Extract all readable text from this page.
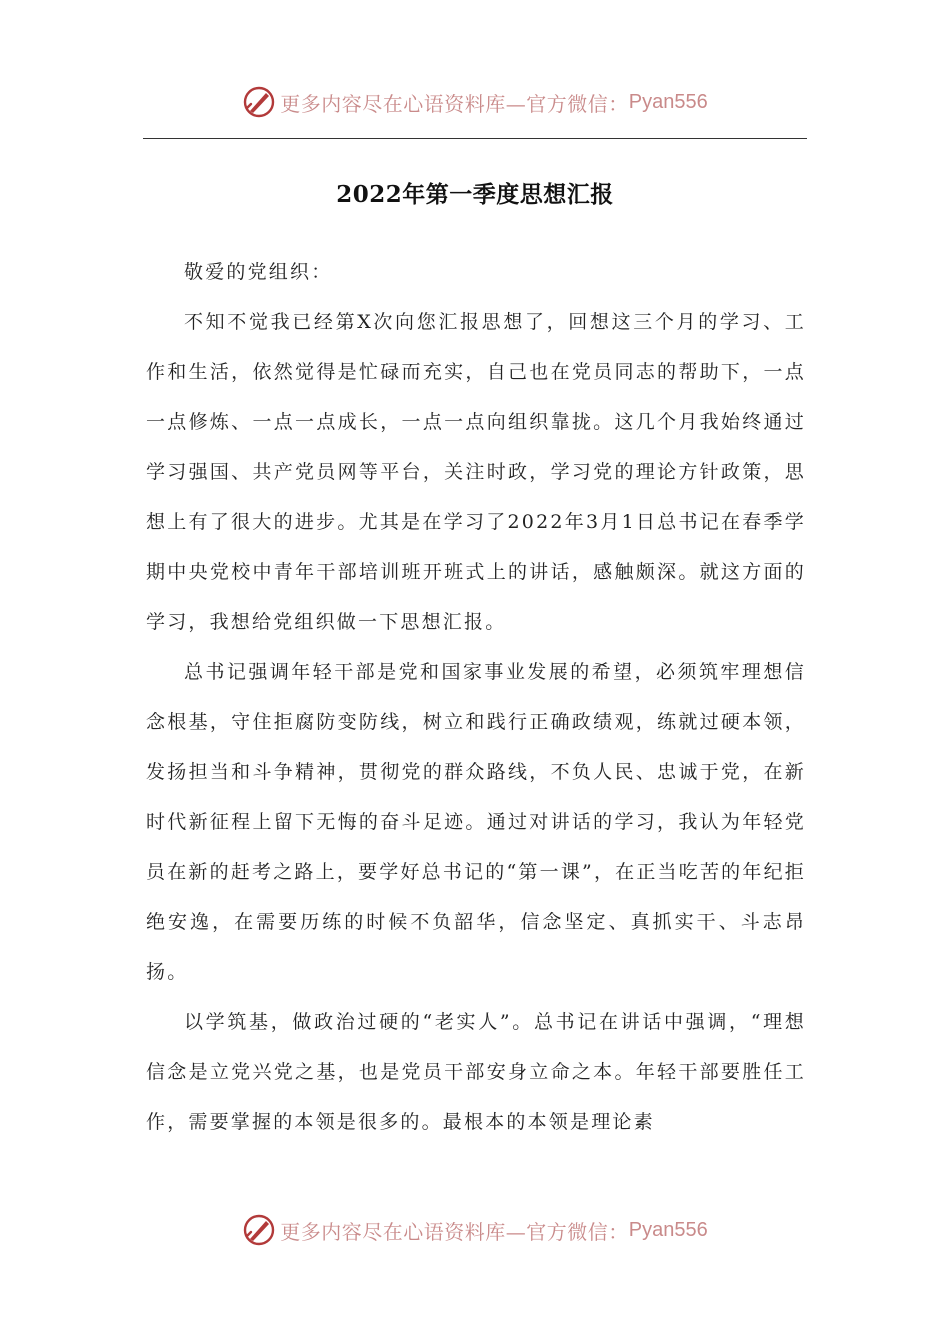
更多内容尽在心语资料库—官方微信： Pyan556
2022年第一季度思想汇报

敬爱的党组织：

不知不觉我已经第X次向您汇报思想了，回想这三个月的学习、工作和生活，依然觉得是忙碌而充实，自己也在党员同志的帮助下，一点一点修炼、一点一点成长，一点一点向组织靠拢。这几个月我始终通过学习强国、共产党员网等平台，关注时政，学习党的理论方针政策，思想上有了很大的进步。尤其是在学习了2022年3月1日总书记在春季学期中央党校中青年干部培训班开班式上的讲话，感触颇深。就这方面的学习，我想给党组织做一下思想汇报。

总书记强调年轻干部是党和国家事业发展的希望，必须筑牢理想信念根基，守住拒腐防变防线，树立和践行正确政绩观，练就过硬本领，发扬担当和斗争精神，贯彻党的群众路线，不负人民、忠诚于党，在新时代新征程上留下无悔的奋斗足迹。通过对讲话的学习，我认为年轻党员在新的赶考之路上，要学好总书记的“第一课”，在正当吃苦的年纪拒绝安逸，在需要历练的时候不负韶华，信念坚定、真抓实干、斗志昂扬。

以学筑基，做政治过硬的“老实人”。总书记在讲话中强调，“理想信念是立党兴党之基，也是党员干部安身立命之本。年轻干部要胜任工作，需要掌握的本领是很多的。最根本的本领是理论素

更多内容尽在心语资料库—官方微信： Pyan556
